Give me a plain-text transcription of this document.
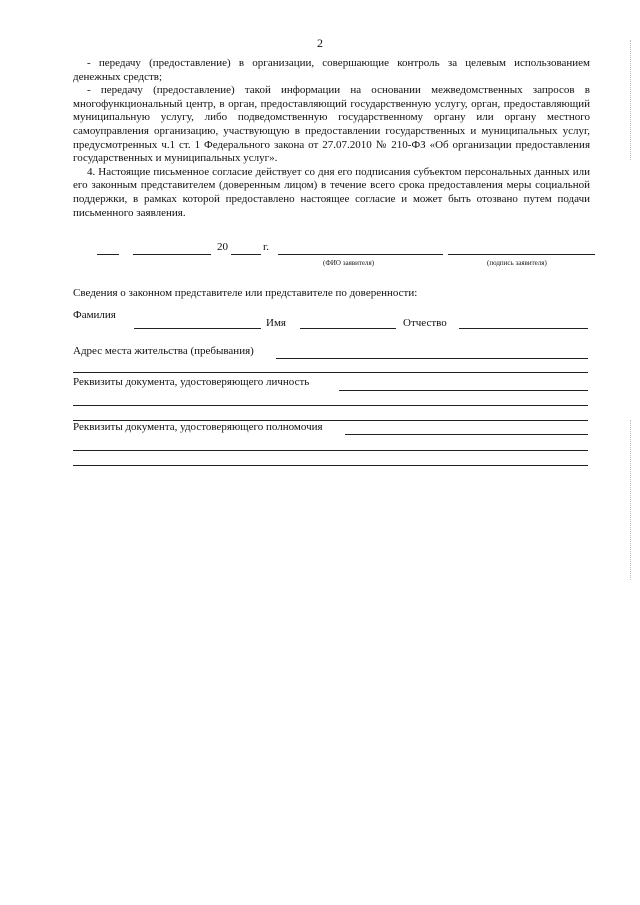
2

- передачу (предоставление) в организации, совершающие контроль за целевым использованием денежных средств;

- передачу (предоставление) такой информации на основании межведомственных запросов в многофункциональный центр, в орган, предоставляющий государственную услугу, орган, предоставляющий муниципальную услугу, либо подведомственную государственному органу или органу местного самоуправления организацию, участвующую в предоставлении государственных и муниципальных услуг, предусмотренных ч.1 ст. 1 Федерального закона от 27.07.2010 № 210-ФЗ «Об организации предоставления государственных и муниципальных услуг».

4. Настоящие письменное согласие действует со дня его подписания субъектом персональных данных или его законным представителем (доверенным лицом) в течение всего срока предоставления меры социальной поддержки, в рамках которой предоставлено настоящее согласие и может быть отозвано путем подачи письменного заявления.

20	г.
(ФИО заявителя)	(подпись заявителя)
Сведения о законном представителе или представителе по доверенности:
Фамилия
Имя	Отчество
Адрес места жительства (пребывания)
Реквизиты документа, удостоверяющего личность
Реквизиты документа, удостоверяющего полномочия
